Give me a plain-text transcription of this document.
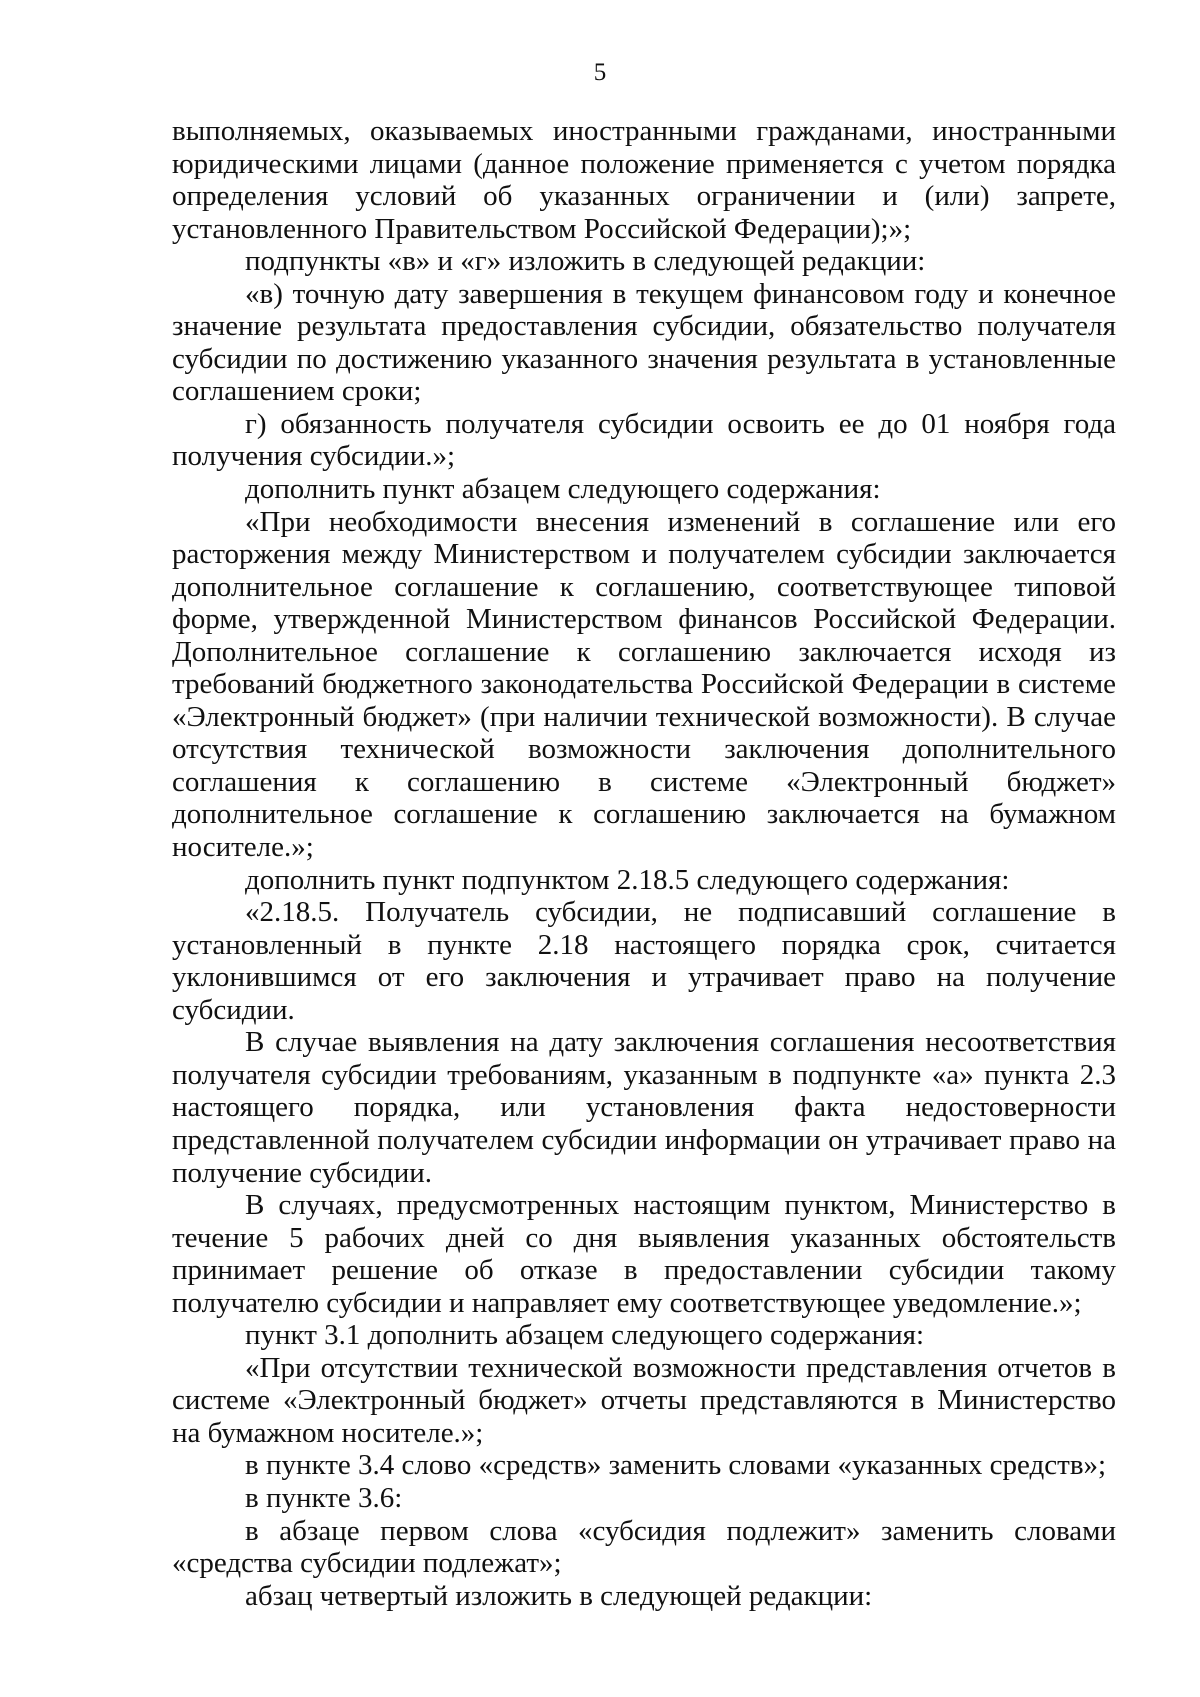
5

выполняемых, оказываемых иностранными гражданами, иностранными юридическими лицами (данное положение применяется с учетом порядка определения условий об указанных ограничении и (или) запрете, установленного Правительством Российской Федерации);»;

подпункты «в» и «г» изложить в следующей редакции:

«в) точную дату завершения в текущем финансовом году и конечное значение результата предоставления субсидии, обязательство получателя субсидии по достижению указанного значения результата в установленные соглашением сроки;

г) обязанность получателя субсидии освоить ее до 01 ноября года получения субсидии.»;

дополнить пункт абзацем следующего содержания:

«При необходимости внесения изменений в соглашение или его расторжения между Министерством и получателем субсидии заключается дополнительное соглашение к соглашению, соответствующее типовой форме, утвержденной Министерством финансов Российской Федерации. Дополнительное соглашение к соглашению заключается исходя из требований бюджетного законодательства Российской Федерации в системе «Электронный бюджет» (при наличии технической возможности). В случае отсутствия технической возможности заключения дополнительного соглашения к соглашению в системе «Электронный бюджет» дополнительное соглашение к соглашению заключается на бумажном носителе.»;

дополнить пункт подпунктом 2.18.5 следующего содержания:

«2.18.5. Получатель субсидии, не подписавший соглашение в установленный в пункте 2.18 настоящего порядка срок, считается уклонившимся от его заключения и утрачивает право на получение субсидии.

В случае выявления на дату заключения соглашения несоответствия получателя субсидии требованиям, указанным в подпункте «а» пункта 2.3 настоящего порядка, или установления факта недостоверности представленной получателем субсидии информации он утрачивает право на получение субсидии.

В случаях, предусмотренных настоящим пунктом, Министерство в течение 5 рабочих дней со дня выявления указанных обстоятельств принимает решение об отказе в предоставлении субсидии такому получателю субсидии и направляет ему соответствующее уведомление.»;

пункт 3.1 дополнить абзацем следующего содержания:

«При отсутствии технической возможности представления отчетов в системе «Электронный бюджет» отчеты представляются в Министерство на бумажном носителе.»;

в пункте 3.4 слово «средств» заменить словами «указанных средств»;

в пункте 3.6:

в абзаце первом слова «субсидия подлежит» заменить словами «средства субсидии подлежат»;

абзац четвертый изложить в следующей редакции:
